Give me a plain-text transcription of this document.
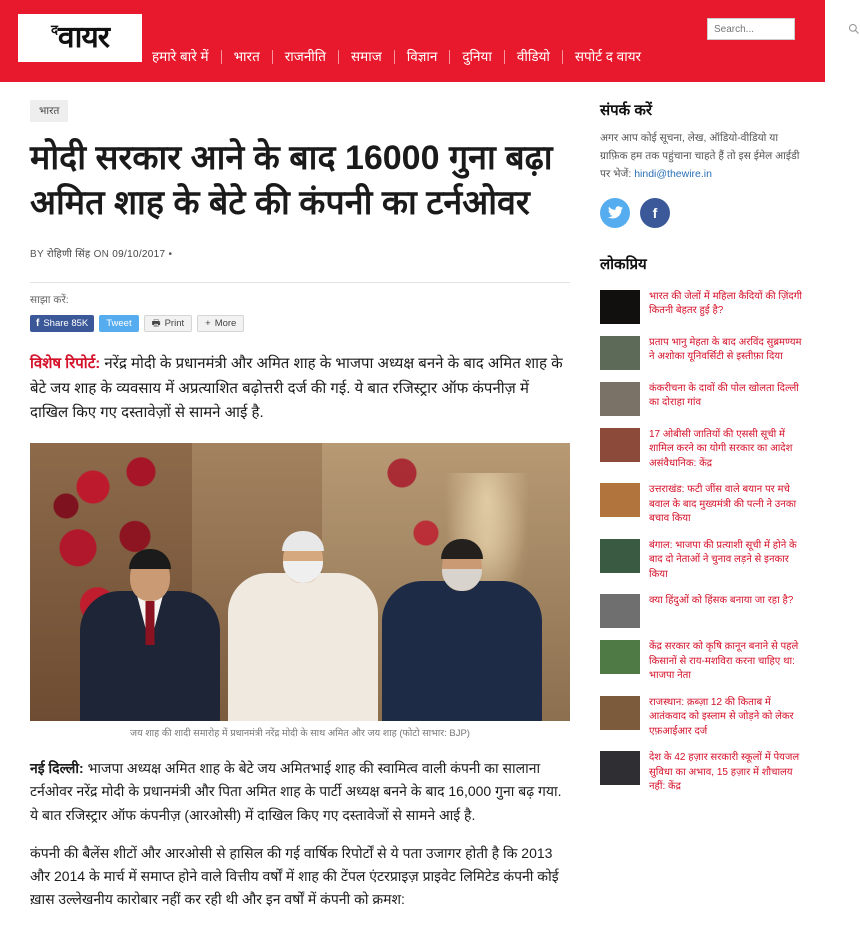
$^द$वायर
हमारे बारे में	भारत	राजनीति	समाज	विज्ञान	दुनिया	वीडियो	सपोर्ट द वायर
Search...
भारत
मोदी सरकार आने के बाद 16000 गुना बढ़ा अमित शाह के बेटे की कंपनी का टर्नओवर
BY रोहिणी सिंह ON 09/10/2017 •
साझा करें:
f Share 85K Tweet 🖶 Print + More

विशेष रिपोर्ट: नरेंद्र मोदी के प्रधानमंत्री और अमित शाह के भाजपा अध्यक्ष बनने के बाद अमित शाह के बेटे जय शाह के व्यवसाय में अप्रत्याशित बढ़ोत्तरी दर्ज की गई. ये बात रजिस्ट्रार ऑफ कंपनीज़ में दाखिल किए गए दस्तावेज़ों से सामने आई है.

जय शाह की शादी समारोह में प्रधानमंत्री नरेंद्र मोदी के साथ अमित और जय शाह (फोटो साभार: BJP)

नई दिल्ली: भाजपा अध्यक्ष अमित शाह के बेटे जय अमितभाई शाह की स्वामित्व वाली कंपनी का सालाना टर्नओवर नरेंद्र मोदी के प्रधानमंत्री और पिता अमित शाह के पार्टी अध्यक्ष बनने के बाद 16,000 गुना बढ़ गया. ये बात रजिस्ट्रार ऑफ कंपनीज़ (आरओसी) में दाखिल किए गए दस्तावेजों से सामने आई है.

कंपनी की बैलेंस शीटों और आरओसी से हासिल की गई वार्षिक रिपोर्टों से ये पता उजागर होती है कि 2013 और 2014 के मार्च में समाप्त होने वाले वित्तीय वर्षों में शाह की टेंपल एंटरप्राइज़ प्राइवेट लिमिटेड कंपनी कोई ख़ास उल्लेखनीय कारोबार नहीं कर रही थी और इन वर्षों में कंपनी को क्रमश:

संपर्क करें
अगर आप कोई सूचना, लेख, ऑडियो-वीडियो या ग्राफ़िक हम तक पहुंचाना चाहते हैं तो इस ईमेल आईडी पर भेजें: hindi@thewire.in
f
लोकप्रिय
भारत की जेलों में महिला कैदियों की ज़िंदगी कितनी बेहतर हुई है?
प्रताप भानु मेहता के बाद अरविंद सुब्रमण्यम ने अशोका यूनिवर्सिटी से इस्तीफ़ा दिया
कंकरीचना के दावों की पोल खोलता दिल्ली का दोराहा गांव
17 ओबीसी जातियों की एससी सूची में शामिल करने का योगी सरकार का आदेश असंवैधानिक: केंद्र
उत्तराखंड: फटी जींस वाले बयान पर मचे बवाल के बाद मुख्यमंत्री की पत्नी ने उनका बचाव किया
बंगाल: भाजपा की प्रत्याशी सूची में होने के बाद दो नेताओं ने चुनाव लड़ने से इनकार किया
क्या हिंदुओं को हिंसक बनाया जा रहा है?
केंद्र सरकार को कृषि क़ानून बनाने से पहले किसानों से राय-मशविरा करना चाहिए था: भाजपा नेता
राजस्थान: क़ब्ज़ा 12 की किताब में आतंकवाद को इस्लाम से जोड़ने को लेकर एफ़आईआर दर्ज
देश के 42 हज़ार सरकारी स्कूलों में पेयजल सुविधा का अभाव, 15 हज़ार में शौचालय नहीं: केंद्र
